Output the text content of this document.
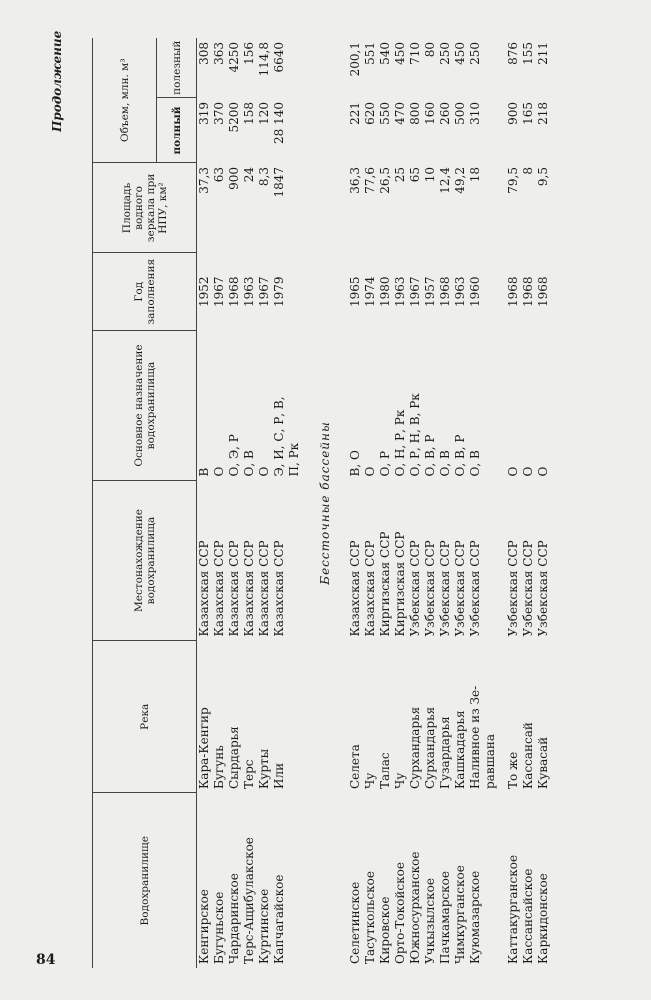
84
Продолжение
Водохранилище	Река	Местонахождение водохранилища	Основное назначение водохранилища	Год заполнения	Площадь водного зеркала при НПУ, км²	Объем, млн. м³	
						полный	полезный
Кенгирское	Кара-Кенгир	Казахская ССР	В	1952	37,3	319	308
Бугуньское	Бугунь	Казахская ССР	О	1967	63	370	363
Чардаринское	Сырдарья	Казахская ССР	О, Э, Р	1968	900	5200	4250
Терс-Ащибулакское	Терс	Казахская ССР	О, В	1963	24	158	156
Куртинское	Курты	Казахская ССР	О	1967	8,3	120	114,8
Капчагайское	Или	Казахская ССР	Э, И, С, Р, В,	1979	1847	28 140	6640
			П, Рк				
Бессточные бассейны							
Селетинское	Селета	Казахская ССР	В, О	1965	36,3	221	200,1
Тасуткольское	Чу	Казахская ССР	О	1974	77,6	620	551
Кировское	Талас	Киргизская ССР	О, Р	1980	26,5	550	540
Орто-Токойское	Чу	Киргизская ССР	О, Н, Р, Рк	1963	25	470	450
Южносурханское	Сурхандарья	Узбекская ССР	О, Р, Н, В, Рк	1967	65	800	710
Учкызылское	Сурхандарья	Узбекская ССР	О, В, Р	1957	10	160	80
Пачкамарское	Гузардарья	Узбекская ССР	О, В	1968	12,4	260	250
Чимкурганское	Кашкадарья	Узбекская ССР	О, В, Р	1963	49,2	500	450
Куюмазарское	Наливное из Зе-	Узбекская ССР	О, В	1960	18	310	250
	равшана						

Каттакурганское	То же	Узбекская ССР	О	1968	79,5	900	876
Кассансайское	Кассансай	Узбекская ССР	О	1968	8	165	155
Каркидонское	Кувасай	Узбекская ССР	О	1968	9,5	218	211
